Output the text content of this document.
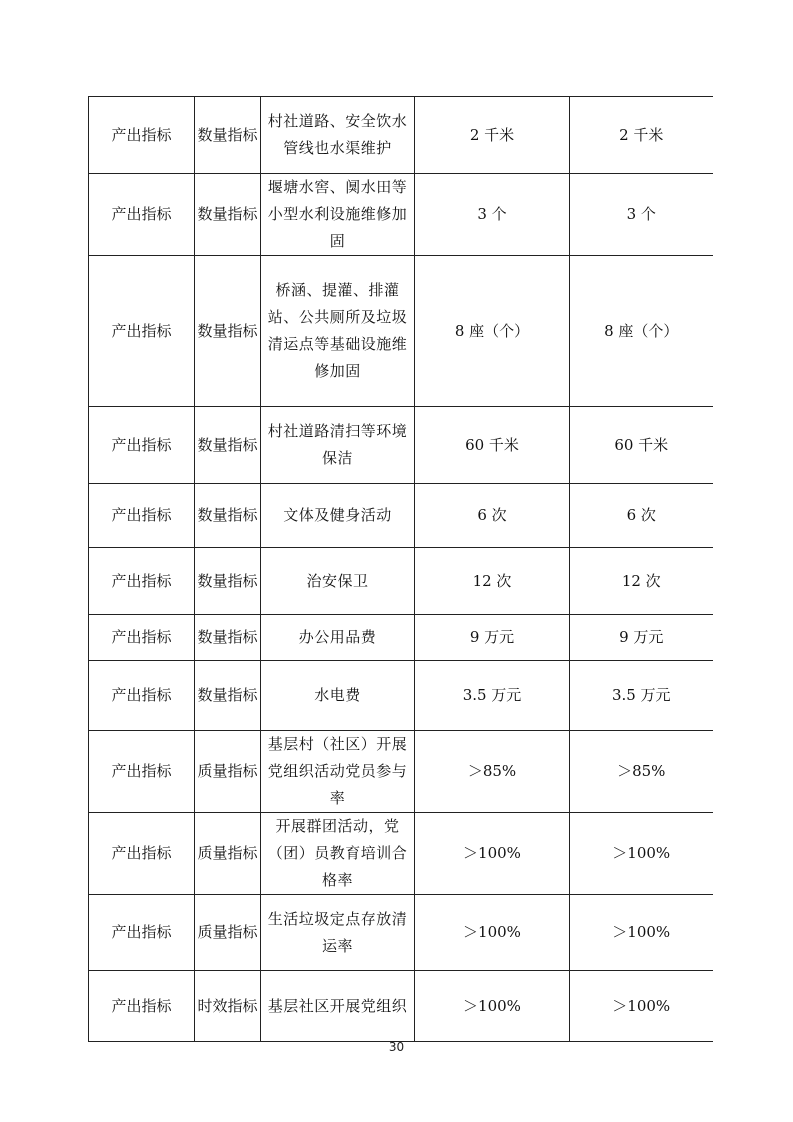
产出指标	数量指标	村社道路、安全饮水管线也水渠维护	2 千米	2 千米
产出指标	数量指标	堰塘水窖、阒水田等小型水利设施维修加固	3 个	3 个
产出指标	数量指标	桥涵、提灌、排灌站、公共厕所及垃圾清运点等基础设施维修加固	8 座（个）	8 座（个）
产出指标	数量指标	村社道路清扫等环境保洁	60 千米	60 千米
产出指标	数量指标	文体及健身活动	6 次	6 次
产出指标	数量指标	治安保卫	12 次	12 次
产出指标	数量指标	办公用品费	9 万元	9 万元
产出指标	数量指标	水电费	3.5 万元	3.5 万元
产出指标	质量指标	基层村（社区）开展党组织活动党员参与率	＞85%	＞85%
产出指标	质量指标	开展群团活动，党（团）员教育培训合格率	＞100%	＞100%
产出指标	质量指标	生活垃圾定点存放清运率	＞100%	＞100%
产出指标	时效指标	基层社区开展党组织	＞100%	＞100%
30
